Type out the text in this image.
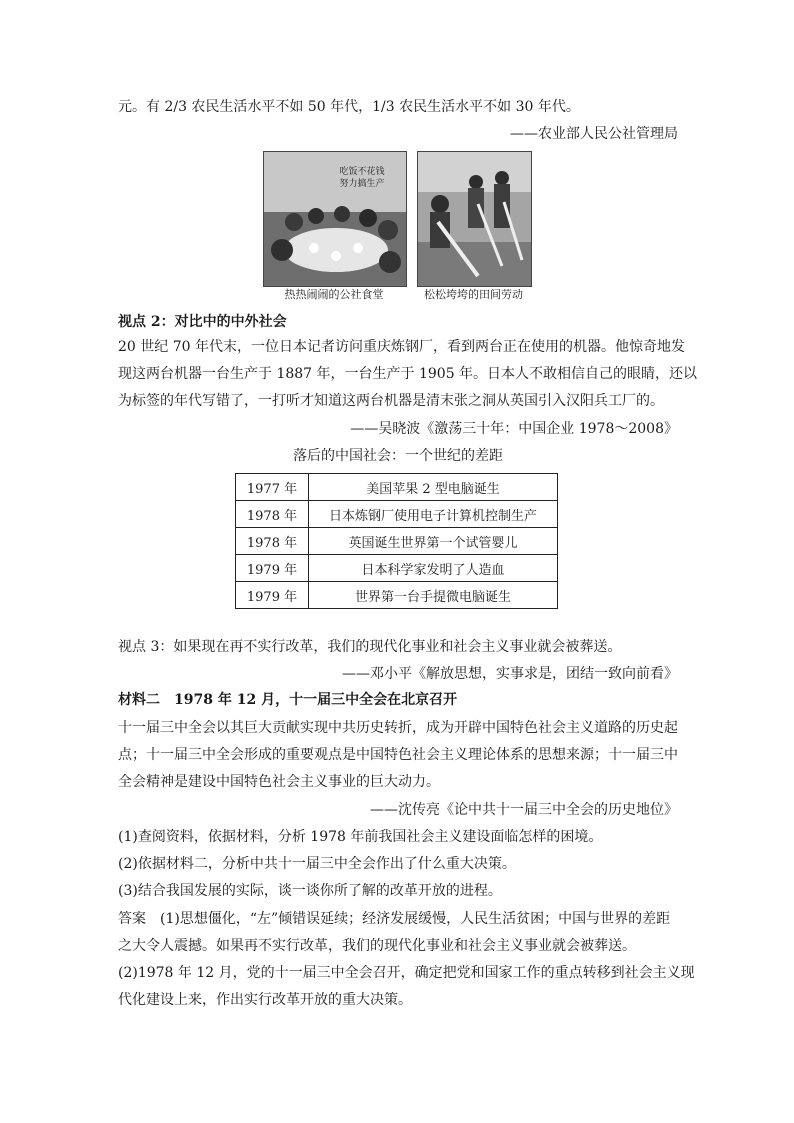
元。有 2/3 农民生活水平不如 50 年代，1/3 农民生活水平不如 30 年代。
——农业部人民公社管理局
吃饭不花钱 努力搞生产
热热闹闹的公社食堂	松松垮垮的田间劳动
视点 2：对比中的中外社会
20 世纪 70 年代末，一位日本记者访问重庆炼钢厂，看到两台正在使用的机器。他惊奇地发
现这两台机器一台生产于 1887 年，一台生产于 1905 年。日本人不敢相信自己的眼睛，还以
为标签的年代写错了，一打听才知道这两台机器是清末张之洞从英国引入汉阳兵工厂的。
——吴晓波《激荡三十年：中国企业 1978～2008》
落后的中国社会：一个世纪的差距
1977 年	美国苹果 2 型电脑诞生
1978 年	日本炼钢厂使用电子计算机控制生产
1978 年	英国诞生世界第一个试管婴儿
1979 年	日本科学家发明了人造血
1979 年	世界第一台手提微电脑诞生
视点 3：如果现在再不实行改革，我们的现代化事业和社会主义事业就会被葬送。
——邓小平《解放思想，实事求是，团结一致向前看》
材料二　1978 年 12 月，十一届三中全会在北京召开
十一届三中全会以其巨大贡献实现中共历史转折，成为开辟中国特色社会主义道路的历史起
点；十一届三中全会形成的重要观点是中国特色社会主义理论体系的思想来源；十一届三中
全会精神是建设中国特色社会主义事业的巨大动力。
——沈传亮《论中共十一届三中全会的历史地位》
(1)查阅资料，依据材料，分析 1978 年前我国社会主义建设面临怎样的困境。
(2)依据材料二，分析中共十一届三中全会作出了什么重大决策。
(3)结合我国发展的实际，谈一谈你所了解的改革开放的进程。
答案　(1)思想僵化，“左”倾错误延续；经济发展缓慢，人民生活贫困；中国与世界的差距
之大令人震撼。如果再不实行改革，我们的现代化事业和社会主义事业就会被葬送。
(2)1978 年 12 月，党的十一届三中全会召开，确定把党和国家工作的重点转移到社会主义现
代化建设上来，作出实行改革开放的重大决策。
